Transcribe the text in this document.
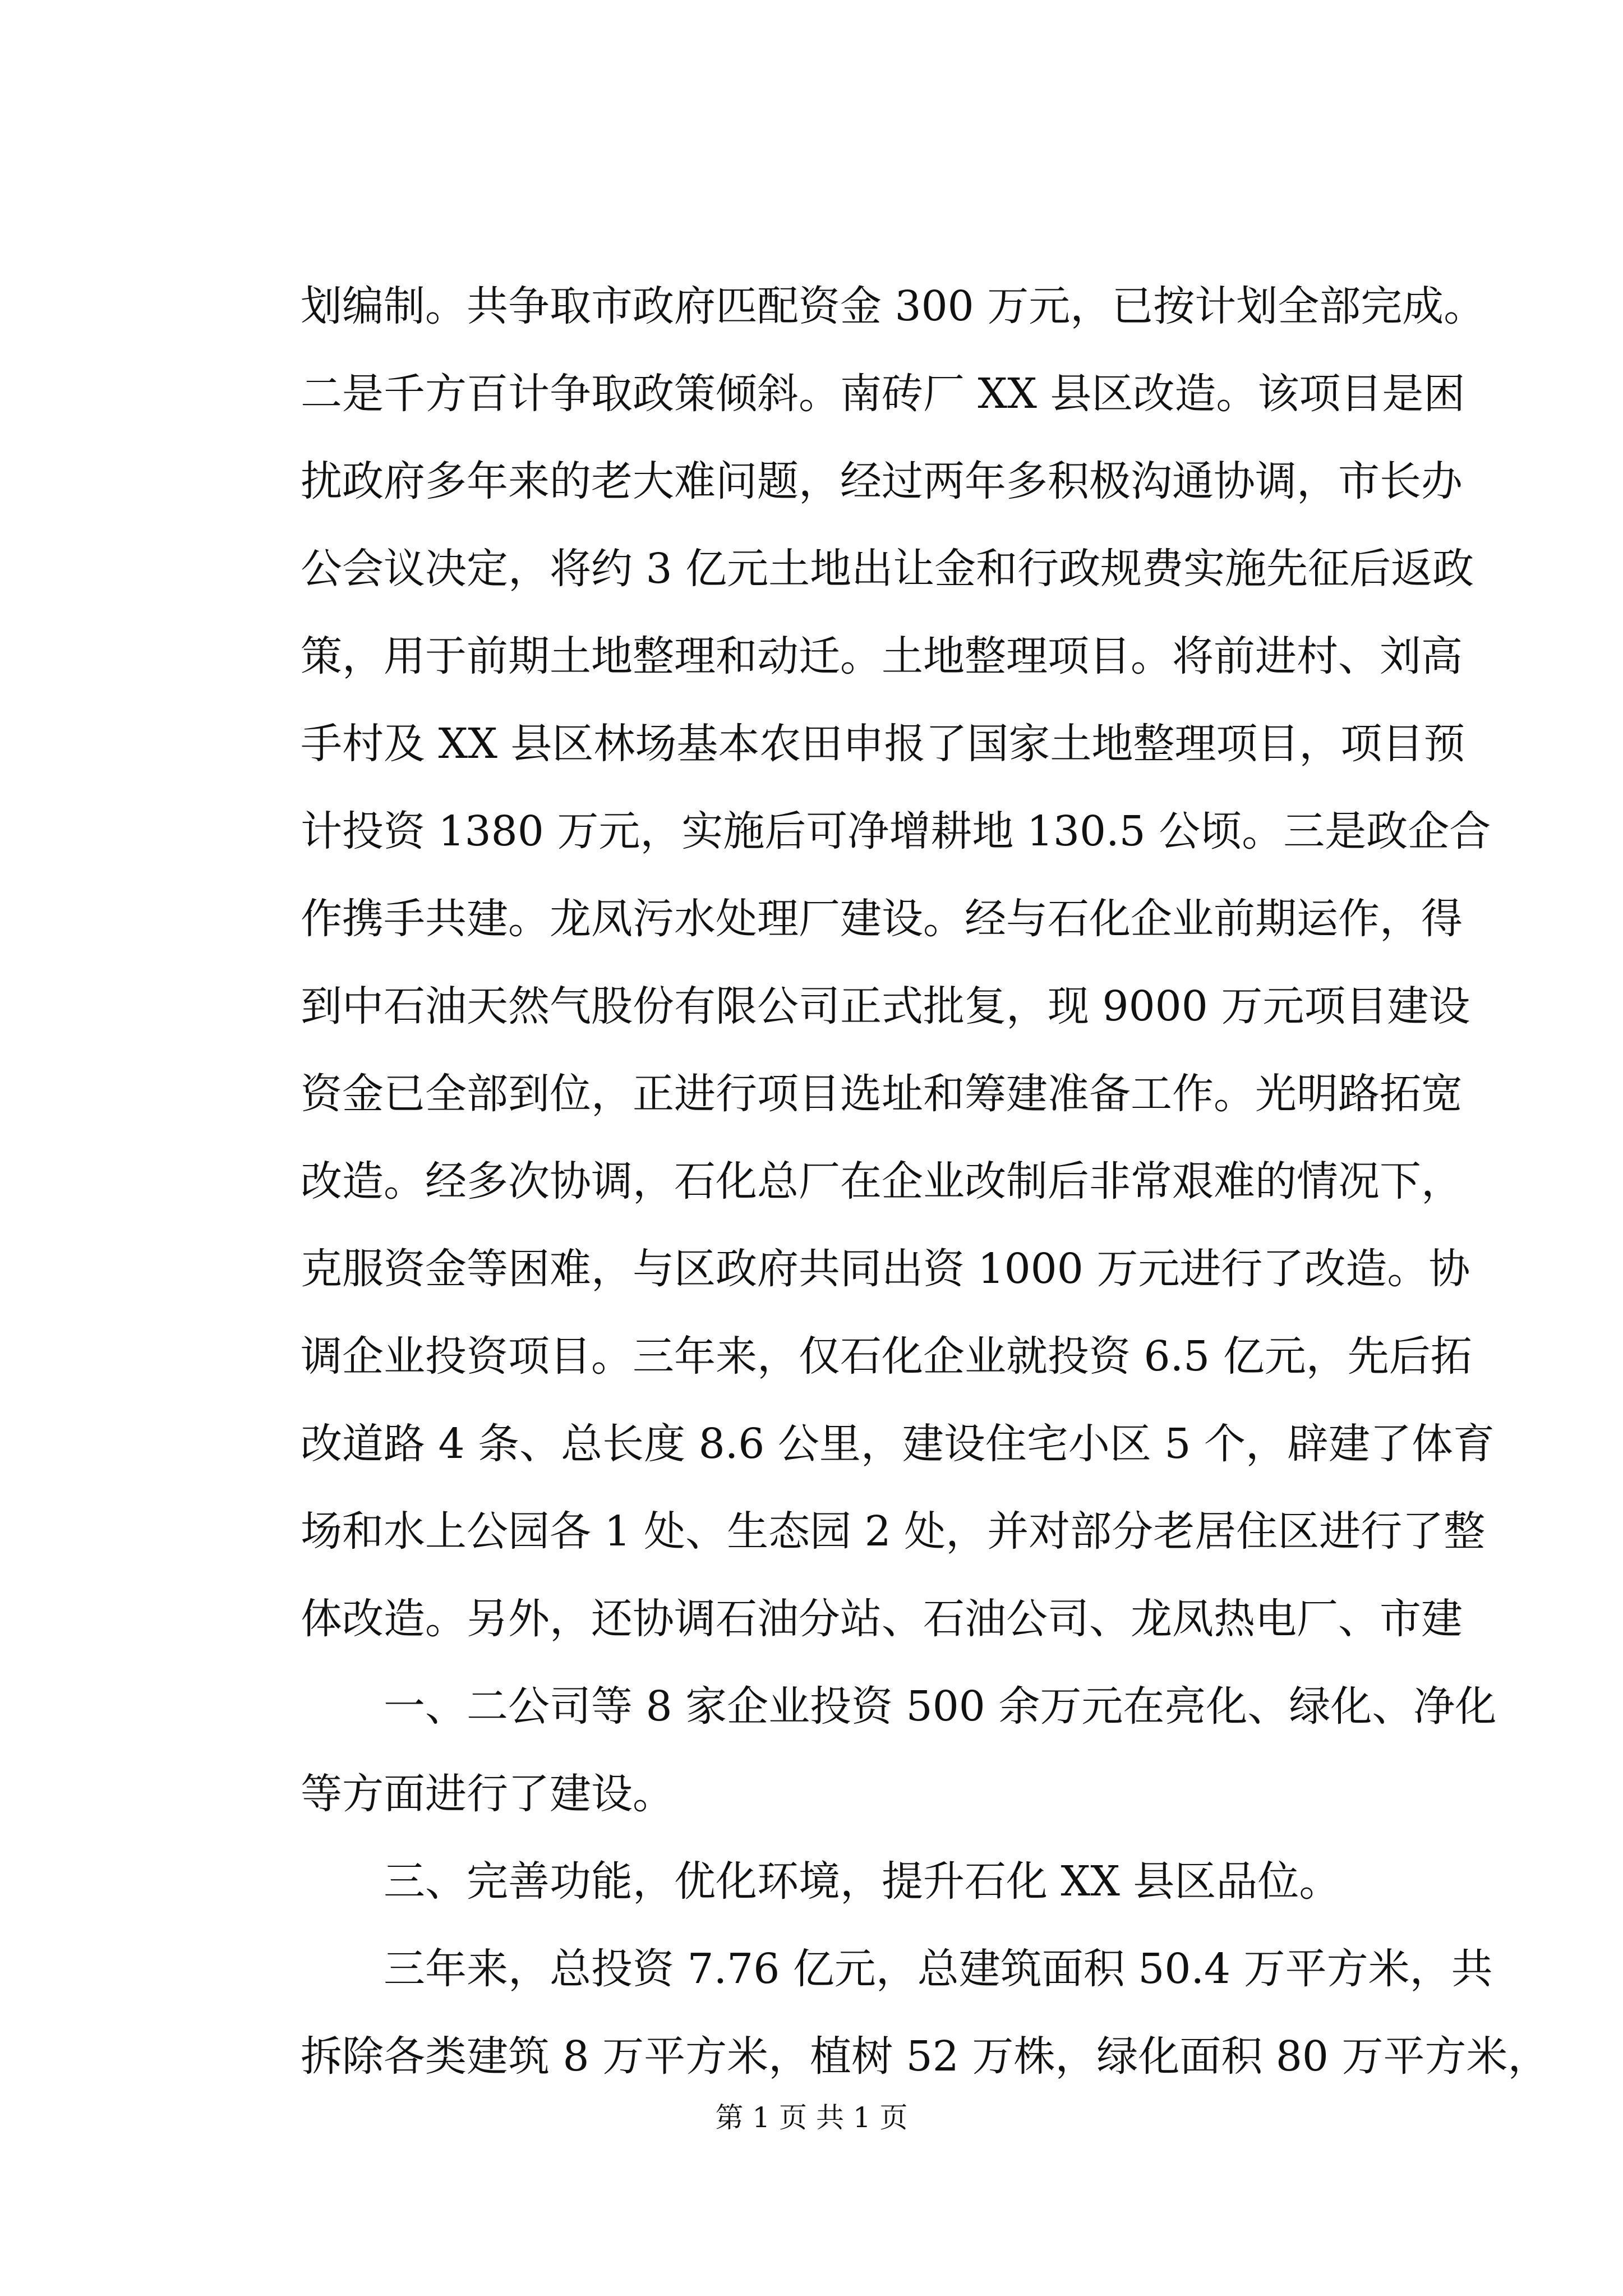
划编制。共争取市政府匹配资金 300 万元，已按计划全部完成。
二是千方百计争取政策倾斜。南砖厂 XX 县区改造。该项目是困
扰政府多年来的老大难问题，经过两年多积极沟通协调，市长办
公会议决定，将约 3 亿元土地出让金和行政规费实施先征后返政
策，用于前期土地整理和动迁。土地整理项目。将前进村、刘高
手村及 XX 县区林场基本农田申报了国家土地整理项目，项目预
计投资 1380 万元，实施后可净增耕地 130.5 公顷。三是政企合
作携手共建。龙凤污水处理厂建设。经与石化企业前期运作，得
到中石油天然气股份有限公司正式批复，现 9000 万元项目建设
资金已全部到位，正进行项目选址和筹建准备工作。光明路拓宽
改造。经多次协调，石化总厂在企业改制后非常艰难的情况下，
克服资金等困难，与区政府共同出资 1000 万元进行了改造。协
调企业投资项目。三年来，仅石化企业就投资 6.5 亿元，先后拓
改道路 4 条、总长度 8.6 公里，建设住宅小区 5 个，辟建了体育
场和水上公园各 1 处、生态园 2 处，并对部分老居住区进行了整
体改造。另外，还协调石油分站、石油公司、龙凤热电厂、市建
一、二公司等 8 家企业投资 500 余万元在亮化、绿化、净化
等方面进行了建设。
三、完善功能，优化环境，提升石化 XX 县区品位。
三年来，总投资 7.76 亿元，总建筑面积 50.4 万平方米，共
拆除各类建筑 8 万平方米，植树 52 万株，绿化面积 80 万平方米，
第 1 页 共 1 页
